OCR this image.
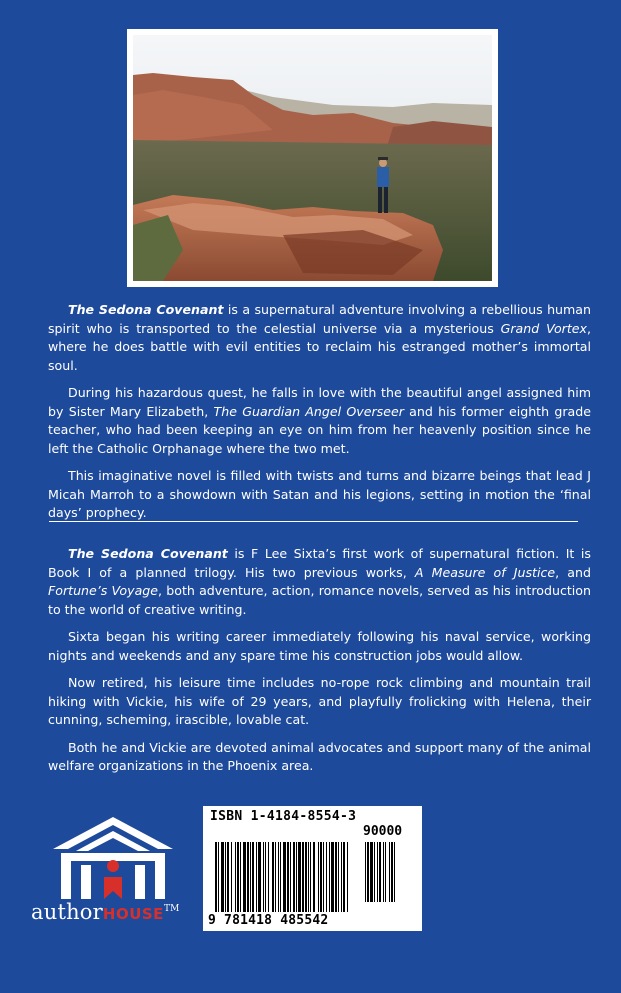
The Sedona Covenant is a supernatural adventure involving a rebellious human spirit who is transported to the celestial universe via a mysterious Grand Vortex, where he does battle with evil entities to reclaim his estranged mother’s immortal soul.

During his hazardous quest, he falls in love with the beautiful angel assigned him by Sister Mary Elizabeth, The Guardian Angel Overseer and his former eighth grade teacher, who had been keeping an eye on him from her heavenly position since he left the Catholic Orphanage where the two met.

This imaginative novel is filled with twists and turns and bizarre beings that lead J Micah Marroh to a showdown with Satan and his legions, setting in motion the ‘final days’ prophecy.

The Sedona Covenant is F Lee Sixta’s first work of supernatural fiction. It is Book I of a planned trilogy. His two previous works, A Measure of Justice, and Fortune’s Voyage, both adventure, action, romance novels, served as his introduction to the world of creative writing.

Sixta began his writing career immediately following his naval service, working nights and weekends and any spare time his construction jobs would allow.

Now retired, his leisure time includes no-rope rock climbing and mountain trail hiking with Vickie, his wife of 29 years, and playfully frolicking with Helena, their cunning, scheming, irascible, lovable cat.

Both he and Vickie are devoted animal advocates and support many of the animal welfare organizations in the Phoenix area.

authorHOUSE™
ISBN 1-4184-8554-3
90000
9 781418 485542
